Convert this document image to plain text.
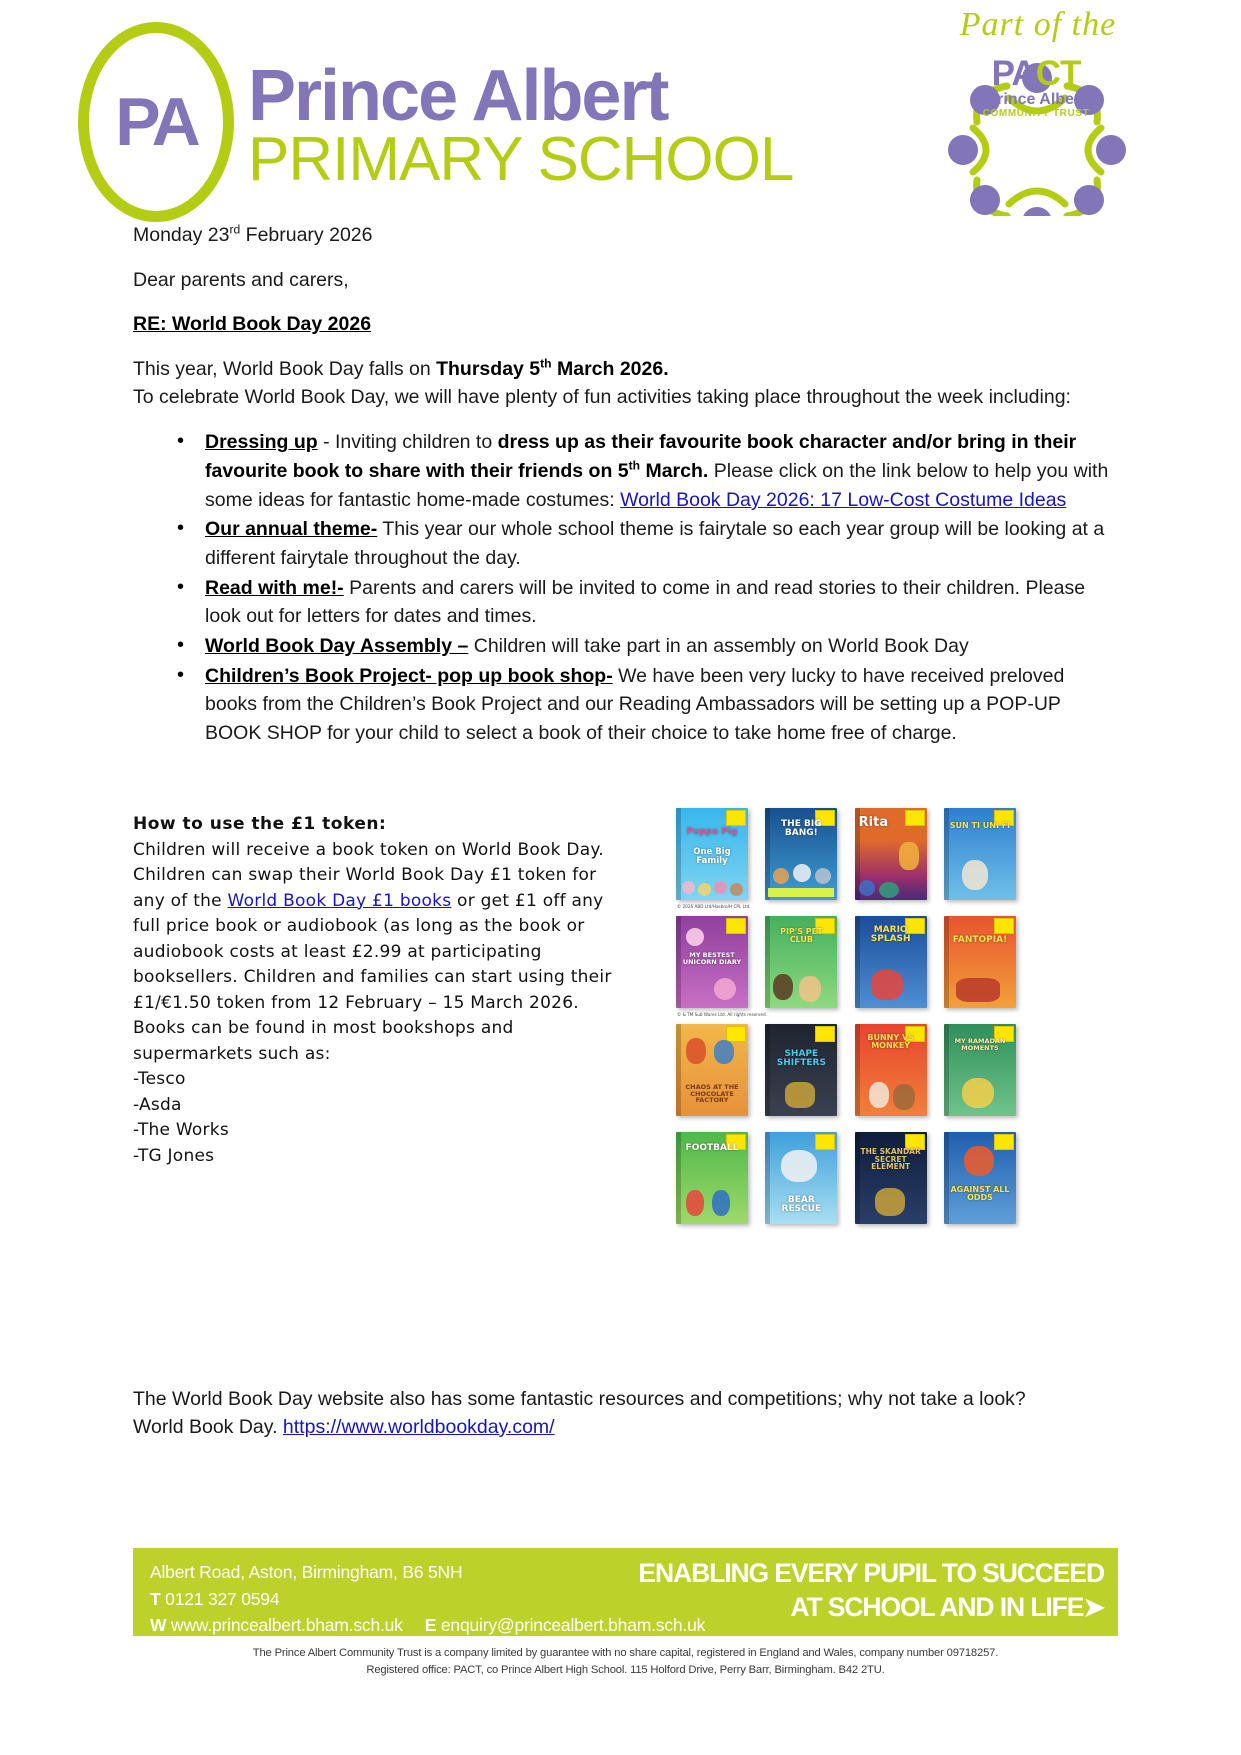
PA Prince Albert
PRIMARY SCHOOL
Part of the
PACT
Prince Albert
COMMUNITY TRUST

Monday 23rd February 2026

Dear parents and carers,

RE: World Book Day 2026

This year, World Book Day falls on Thursday 5th March 2026.

To celebrate World Book Day, we will have plenty of fun activities taking place throughout the week including:

• Dressing up - Inviting children to dress up as their favourite book character and/or bring in their favourite book to share with their friends on 5th March. Please click on the link below to help you with some ideas for fantastic home-made costumes: World Book Day 2026: 17 Low-Cost Costume Ideas
• Our annual theme- This year our whole school theme is fairytale so each year group will be looking at a different fairytale throughout the day.
• Read with me!- Parents and carers will be invited to come in and read stories to their children. Please look out for letters for dates and times.
• World Book Day Assembly – Children will take part in an assembly on World Book Day
• Children’s Book Project- pop up book shop- We have been very lucky to have received preloved books from the Children’s Book Project and our Reading Ambassadors will be setting up a POP-UP BOOK SHOP for your child to select a book of their choice to take home free of charge.
How to use the £1 token:
Children will receive a book token on World Book Day. Children can swap their World Book Day £1 token for any of the World Book Day £1 books or get £1 off any full price book or audiobook (as long as the book or audiobook costs at least £2.99 at participating booksellers. Children and families can start using their £1/€1.50 token from 12 February – 15 March 2026.
Books can be found in most bookshops and supermarkets such as:
-Tesco
-Asda
-The Works
-TG Jones
Peppa Pig
One Big Family
THE BIG BANG!
Rita	SUN TI UNI FI
© 2026 ABD Ltd/Hasbro/H CPL Ltd.
MY BESTEST UNICORN DIARY
PIP'S PET CLUB
MARIO SPLASH	FANTOPIA!
© & TM Sub Wares Ltd. All rights reserved.
CHAOS AT THE CHOCOLATE FACTORY
SHAPE SHIFTERS
BUNNY VS MONKEY
MY RAMADAN MOMENTS
FOOTBALL
BEAR RESCUE
THE SKANDAR SECRET ELEMENT
AGAINST ALL ODDS
The World Book Day website also has some fantastic resources and competitions; why not take a look?
World Book Day. https://www.worldbookday.com/
Albert Road, Aston, Birmingham, B6 5NH
T 0121 327 0594
W www.princealbert.bham.sch.uk E enquiry@princealbert.bham.sch.uk
ENABLING EVERY PUPIL TO SUCCEED
AT SCHOOL AND IN LIFE➤
The Prince Albert Community Trust is a company limited by guarantee with no share capital, registered in England and Wales, company number 09718257.
Registered office: PACT, co Prince Albert High School. 115 Holford Drive, Perry Barr, Birmingham. B42 2TU.
